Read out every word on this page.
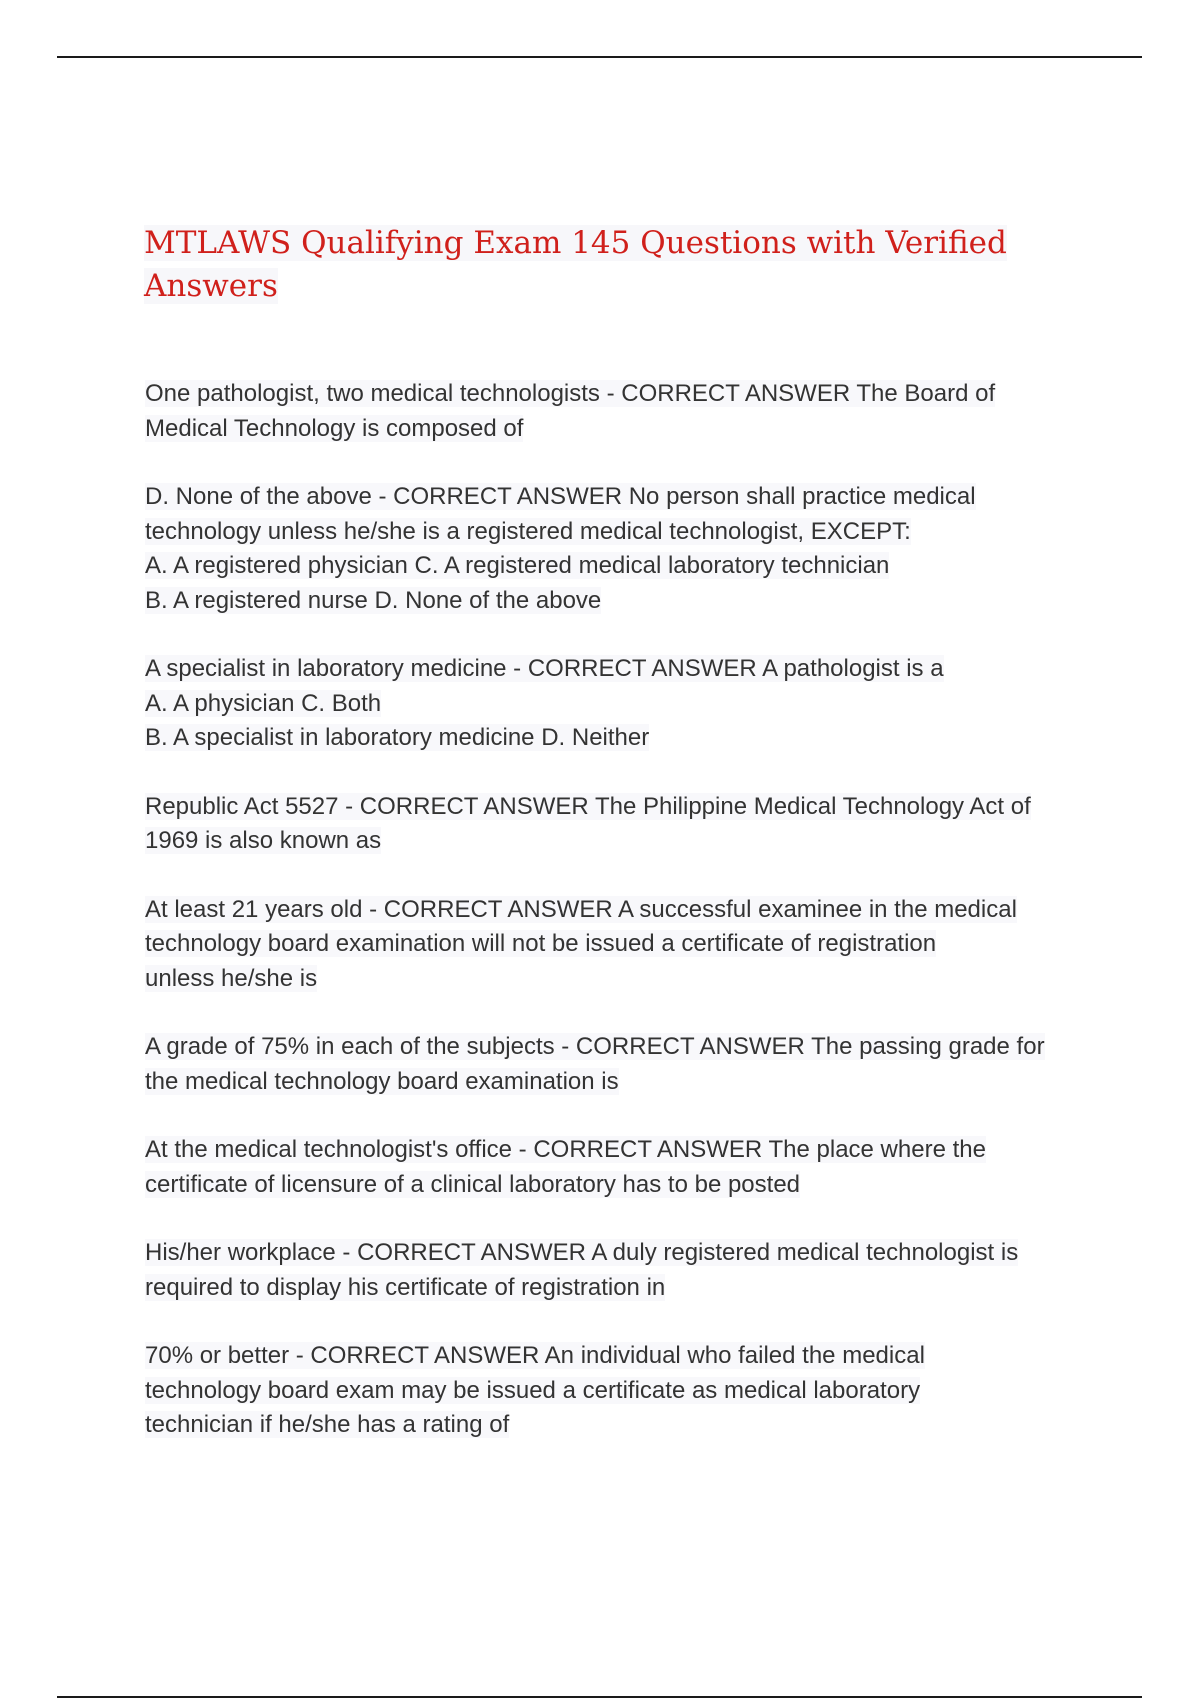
MTLAWS Qualifying Exam 145 Questions with Verified
Answers
One pathologist, two medical technologists - CORRECT ANSWER The Board of
Medical Technology is composed of
D. None of the above - CORRECT ANSWER No person shall practice medical
technology unless he/she is a registered medical technologist, EXCEPT:
A. A registered physician C. A registered medical laboratory technician
B. A registered nurse D. None of the above
A specialist in laboratory medicine - CORRECT ANSWER A pathologist is a
A. A physician C. Both
B. A specialist in laboratory medicine D. Neither
Republic Act 5527 - CORRECT ANSWER The Philippine Medical Technology Act of
1969 is also known as
At least 21 years old - CORRECT ANSWER A successful examinee in the medical
technology board examination will not be issued a certificate of registration
unless he/she is
A grade of 75% in each of the subjects - CORRECT ANSWER The passing grade for
the medical technology board examination is
At the medical technologist's office - CORRECT ANSWER The place where the
certificate of licensure of a clinical laboratory has to be posted
His/her workplace - CORRECT ANSWER A duly registered medical technologist is
required to display his certificate of registration in
70% or better - CORRECT ANSWER An individual who failed the medical
technology board exam may be issued a certificate as medical laboratory
technician if he/she has a rating of
